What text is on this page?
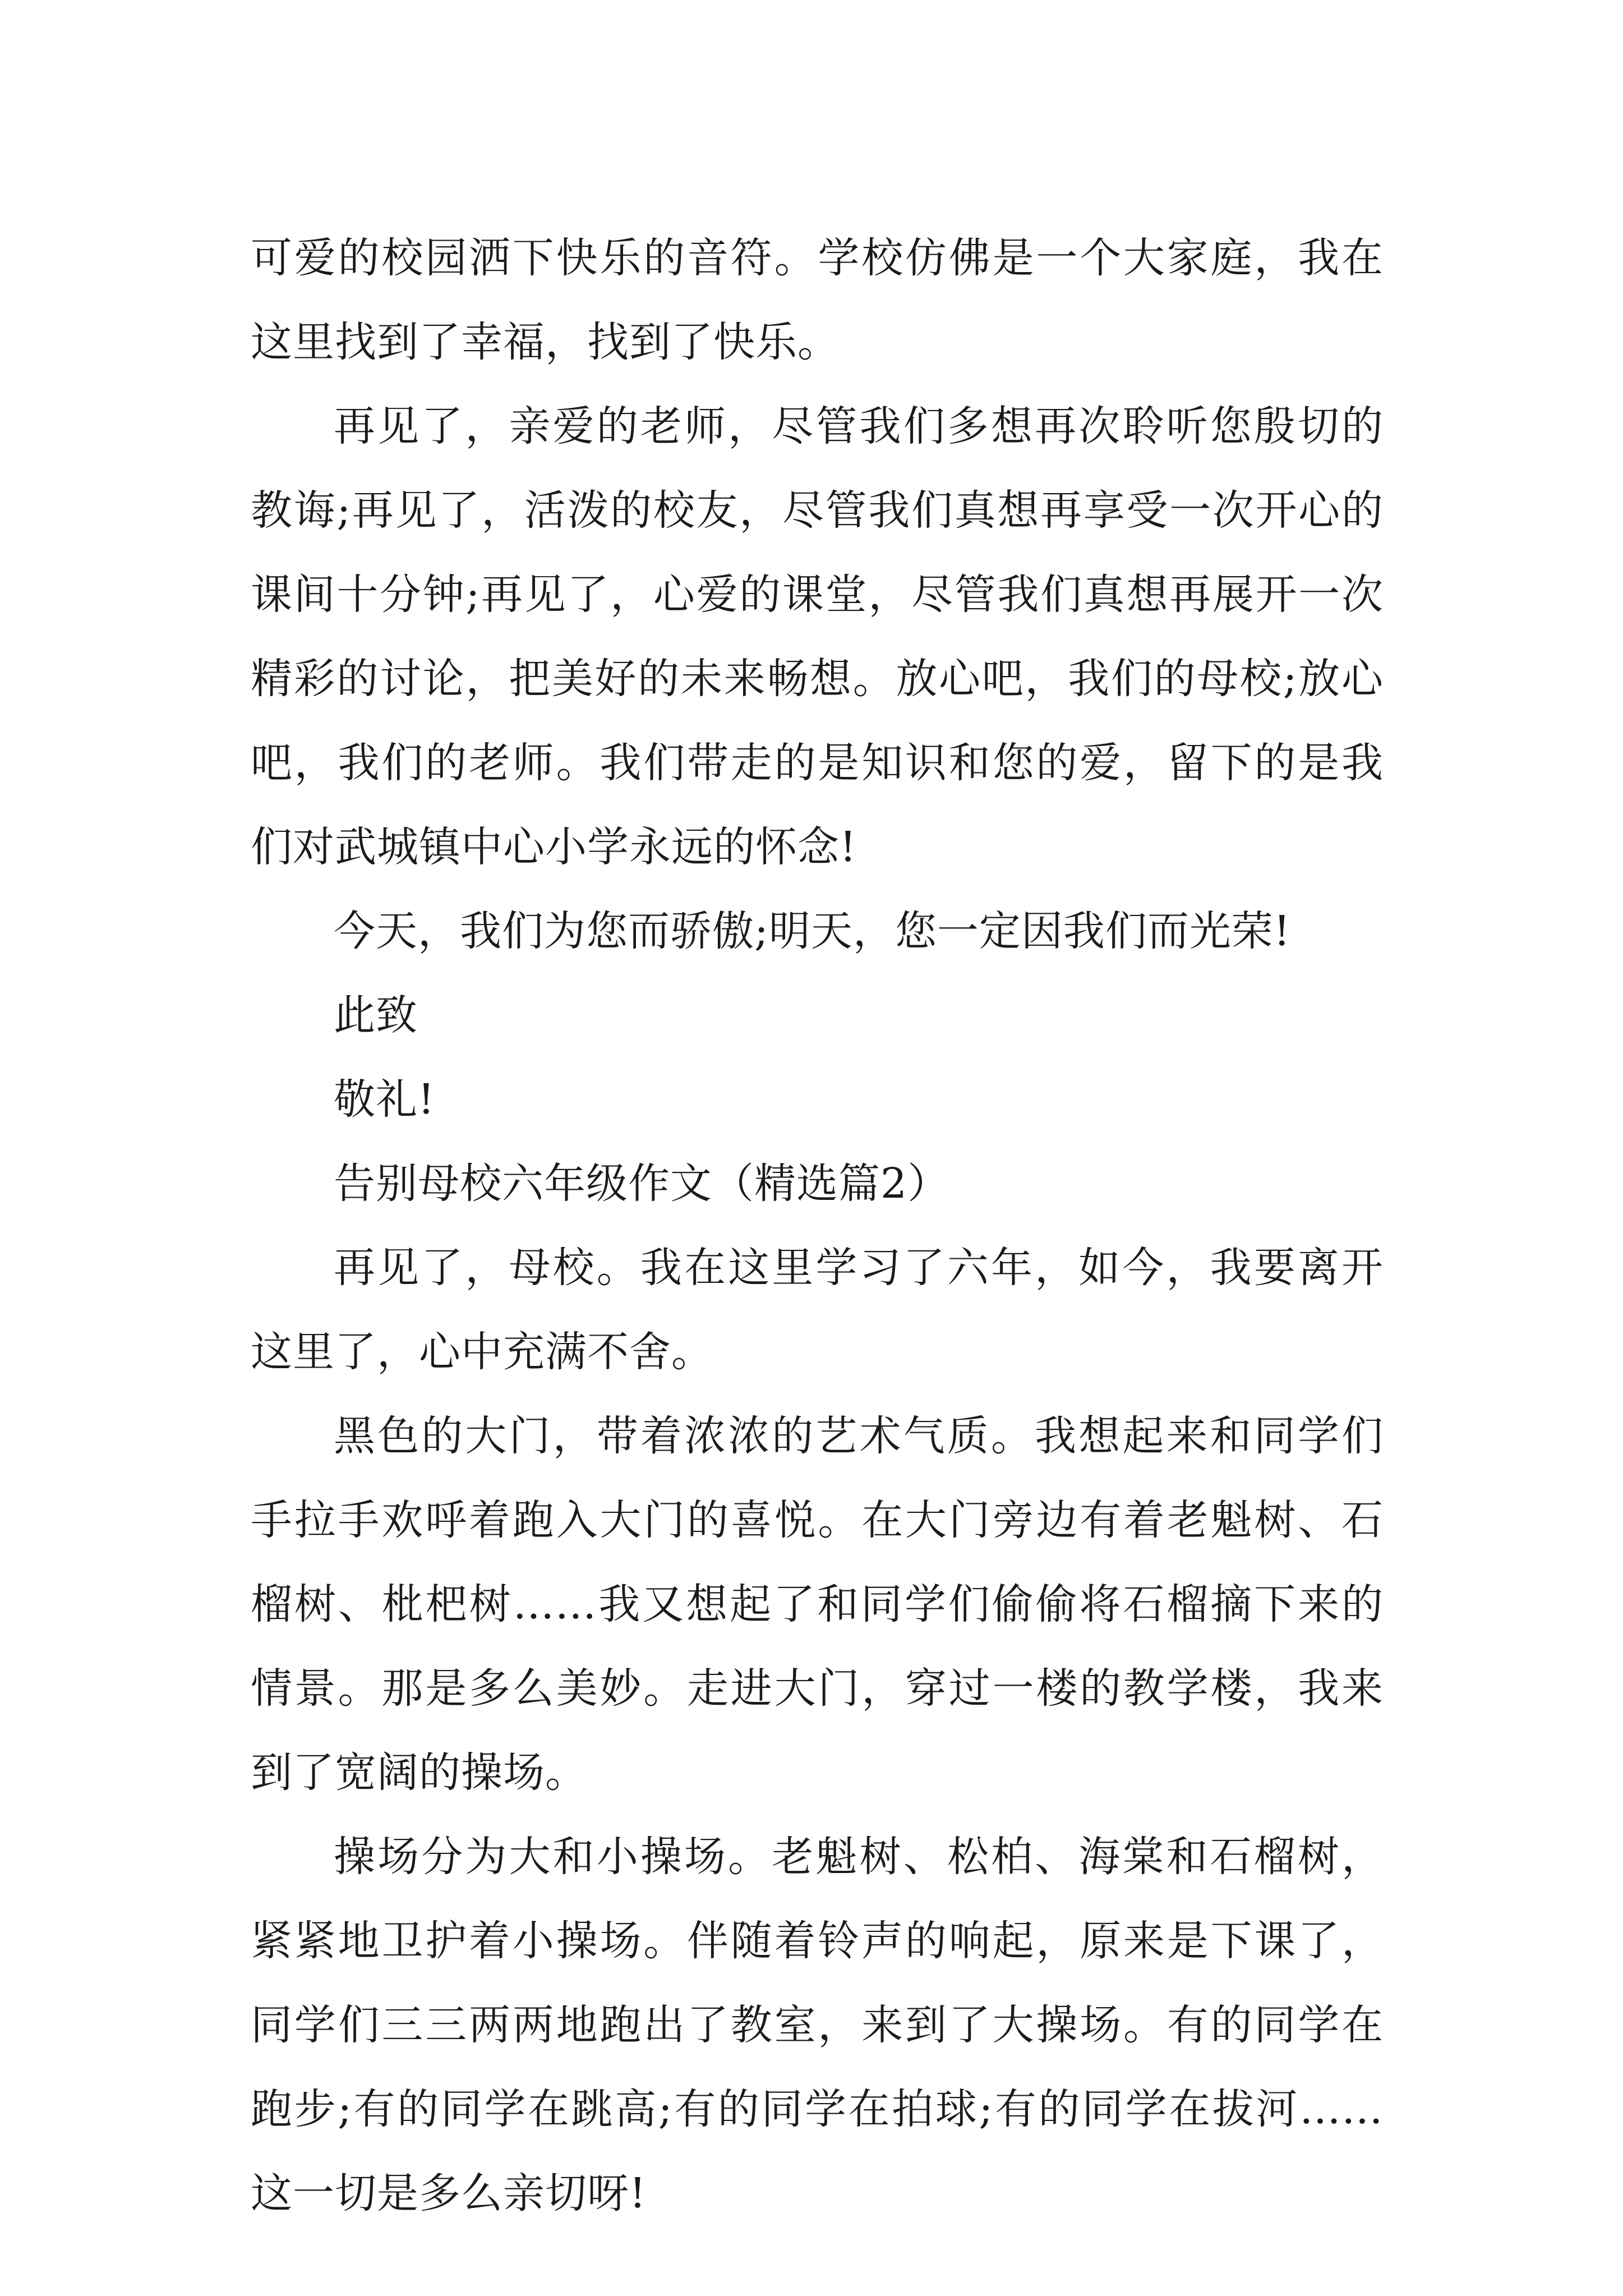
可爱的校园洒下快乐的音符。学校仿佛是一个大家庭，我在这里找到了幸福，找到了快乐。

再见了，亲爱的老师，尽管我们多想再次聆听您殷切的教诲;再见了，活泼的校友，尽管我们真想再享受一次开心的课间十分钟;再见了，心爱的课堂，尽管我们真想再展开一次精彩的讨论，把美好的未来畅想。放心吧，我们的母校;放心吧，我们的老师。我们带走的是知识和您的爱，留下的是我们对武城镇中心小学永远的怀念!

今天，我们为您而骄傲;明天，您一定因我们而光荣!

此致

敬礼!

告别母校六年级作文（精选篇2）

再见了，母校。我在这里学习了六年，如今，我要离开这里了，心中充满不舍。

黑色的大门，带着浓浓的艺术气质。我想起来和同学们手拉手欢呼着跑入大门的喜悦。在大门旁边有着老魁树、石榴树、枇杷树……我又想起了和同学们偷偷将石榴摘下来的情景。那是多么美妙。走进大门，穿过一楼的教学楼，我来到了宽阔的操场。

操场分为大和小操场。老魁树、松柏、海棠和石榴树，紧紧地卫护着小操场。伴随着铃声的响起，原来是下课了，同学们三三两两地跑出了教室，来到了大操场。有的同学在跑步;有的同学在跳高;有的同学在拍球;有的同学在拔河……这一切是多么亲切呀!
